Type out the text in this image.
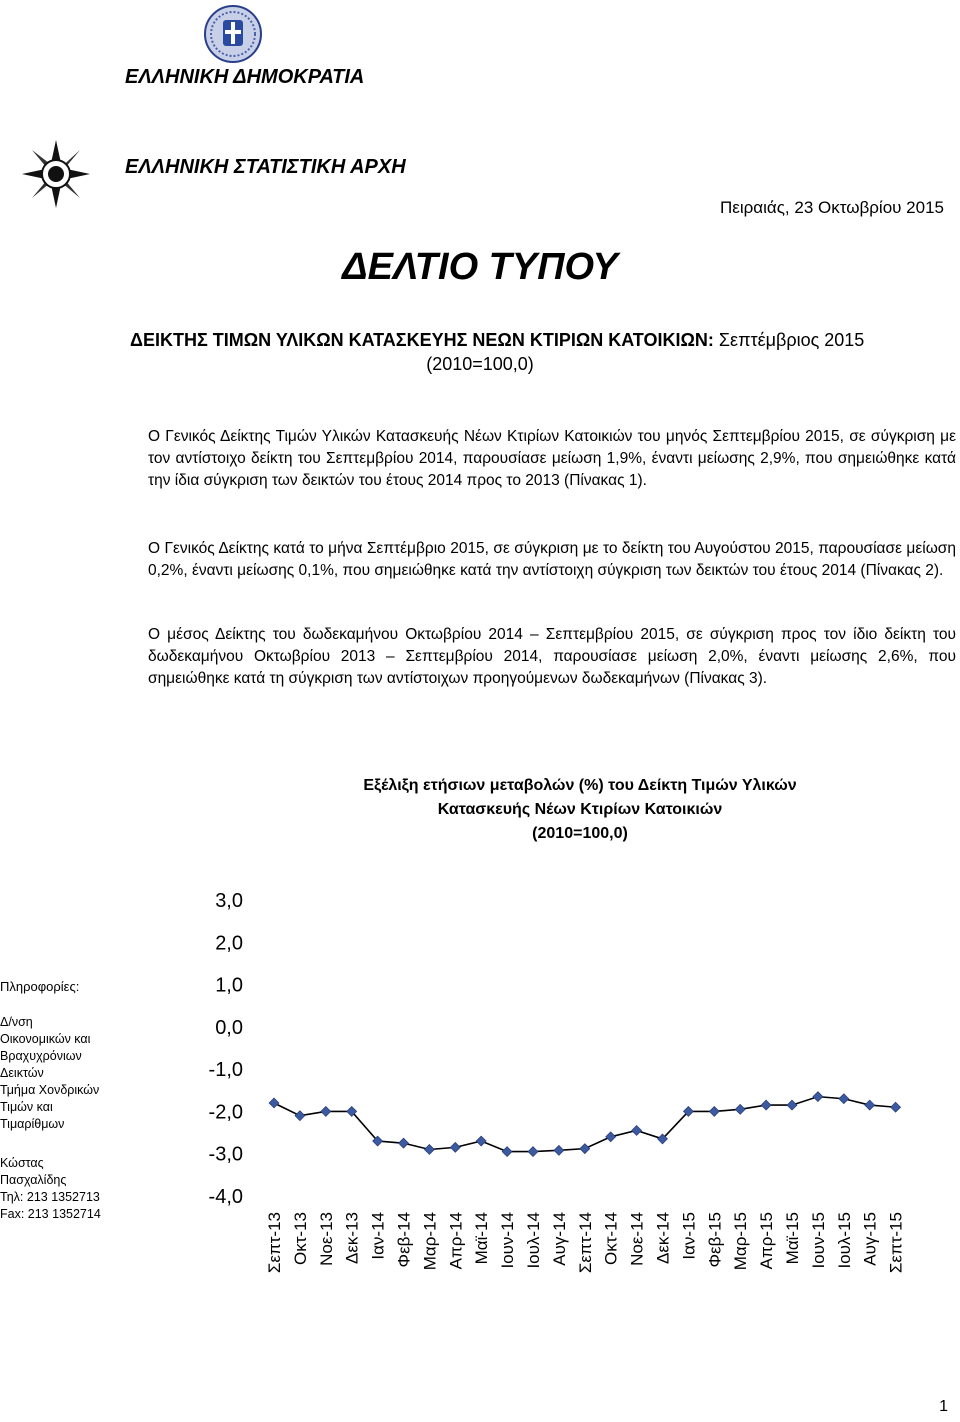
ΕΛΛΗΝΙΚΗ ΔΗΜΟΚΡΑΤΙΑ
ΕΛΛΗΝΙΚΗ ΣΤΑΤΙΣΤΙΚΗ ΑΡΧΗ
Πειραιάς, 23 Οκτωβρίου 2015
ΔΕΛΤΙΟ ΤΥΠΟΥ
ΔΕΙΚΤΗΣ ΤΙΜΩΝ ΥΛΙΚΩΝ ΚΑΤΑΣΚΕΥΗΣ ΝΕΩΝ ΚΤΙΡΙΩΝ ΚΑΤΟΙΚΙΩΝ: Σεπτέμβριος 2015
(2010=100,0)
Ο Γενικός Δείκτης Τιμών Υλικών Κατασκευής Νέων Κτιρίων Κατοικιών του μηνός Σεπτεμβρίου 2015, σε σύγκριση με τον αντίστοιχο δείκτη του Σεπτεμβρίου 2014, παρουσίασε μείωση 1,9%, έναντι μείωσης 2,9%, που σημειώθηκε κατά την ίδια σύγκριση των δεικτών του έτους 2014 προς το 2013 (Πίνακας 1).
Ο Γενικός Δείκτης κατά το μήνα Σεπτέμβριο 2015, σε σύγκριση με το δείκτη του Αυγούστου 2015, παρουσίασε μείωση 0,2%, έναντι μείωσης 0,1%, που σημειώθηκε κατά την αντίστοιχη σύγκριση των δεικτών του έτους 2014 (Πίνακας 2).
Ο μέσος Δείκτης του δωδεκαμήνου Οκτωβρίου 2014 – Σεπτεμβρίου 2015, σε σύγκριση προς τον ίδιο δείκτη του δωδεκαμήνου Οκτωβρίου 2013 – Σεπτεμβρίου 2014, παρουσίασε μείωση 2,0%, έναντι μείωσης 2,6%, που σημειώθηκε κατά τη σύγκριση των αντίστοιχων προηγούμενων δωδεκαμήνων (Πίνακας 3).
Εξέλιξη ετήσιων μεταβολών (%) του Δείκτη Τιμών Υλικών
Κατασκευής Νέων Κτιρίων Κατοικιών
(2010=100,0)
Πληροφορίες:
Δ/νση
Οικονομικών και
Βραχυχρόνιων
Δεικτών
Τμήμα Χονδρικών
Τιμών και
Τιμαρίθμων
Κώστας
Πασχαλίδης
Τηλ: 213 1352713
Fax: 213 1352714
3,0
2,0
1,0
0,0
-1,0
-2,0
-3,0
-4,0
Σεπτ-13 Οκτ-13 Νοε-13 Δεκ-13 Ιαν-14 Φεβ-14 Μαρ-14 Απρ-14 Μαϊ-14 Ιουν-14 Ιουλ-14 Αυγ-14 Σεπτ-14 Οκτ-14 Νοε-14 Δεκ-14 Ιαν-15 Φεβ-15 Μαρ-15 Απρ-15 Μαϊ-15 Ιουν-15 Ιουλ-15 Αυγ-15 Σεπτ-15
1
